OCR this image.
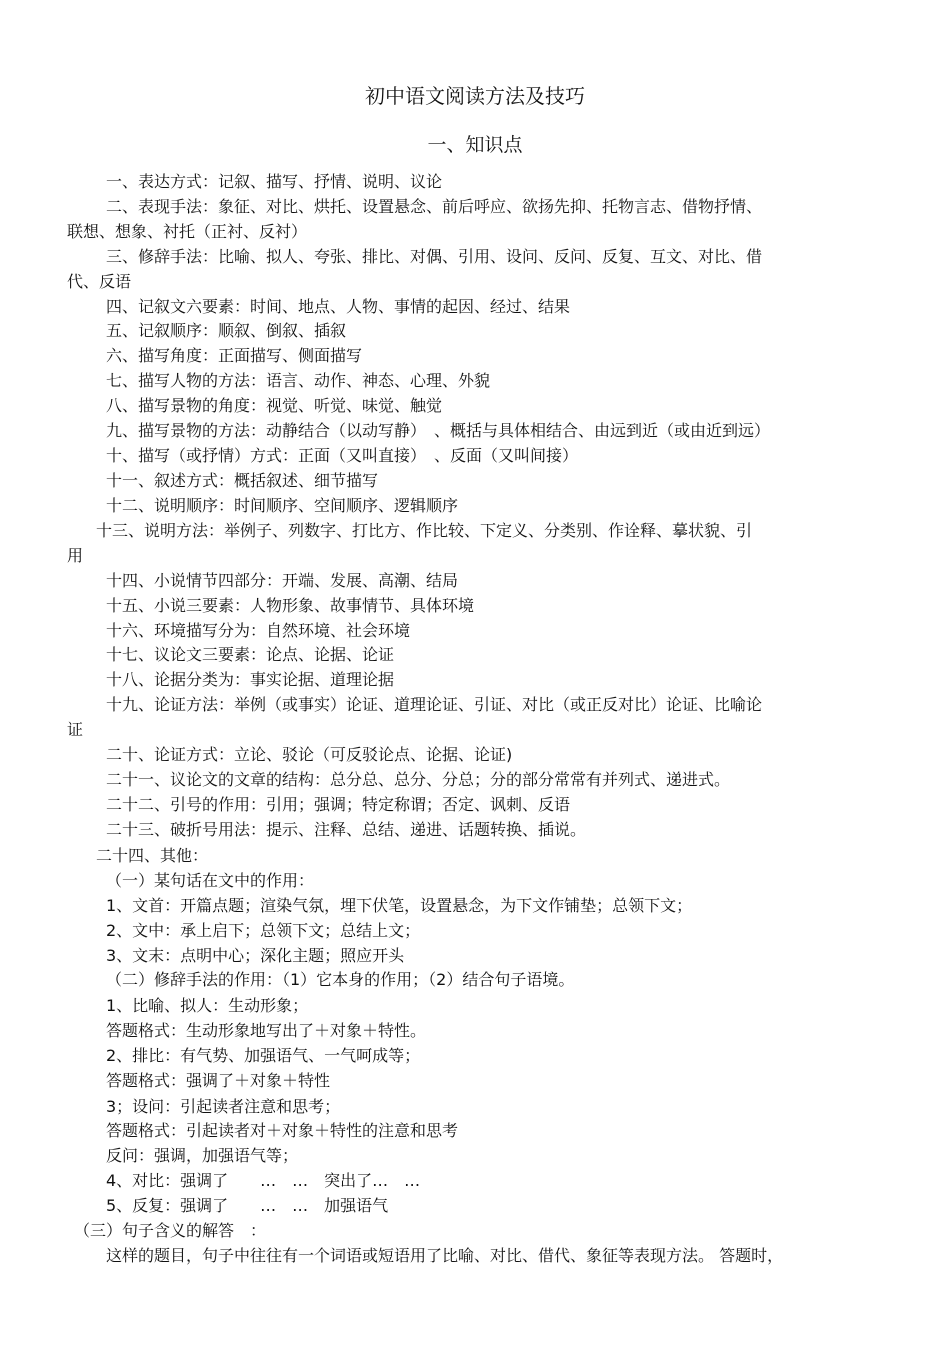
初中语文阅读方法及技巧
一、知识点
一、表达方式：记叙、描写、抒情、说明、议论
二、表现手法：象征、对比、烘托、设置悬念、前后呼应、欲扬先抑、托物言志、借物抒情、
联想、想象、衬托（正衬、反衬）
三、修辞手法：比喻、拟人、夸张、排比、对偶、引用、设问、反问、反复、互文、对比、借
代、反语
四、记叙文六要素：时间、地点、人物、事情的起因、经过、结果
五、记叙顺序：顺叙、倒叙、插叙
六、描写角度：正面描写、侧面描写
七、描写人物的方法：语言、动作、神态、心理、外貌
八、描写景物的角度：视觉、听觉、味觉、触觉
九、描写景物的方法：动静结合（以动写静）　、概括与具体相结合、由远到近（或由近到远）
十、描写（或抒情）方式：正面（又叫直接）　、反面（又叫间接）
十一、叙述方式：概括叙述、细节描写
十二、说明顺序：时间顺序、空间顺序、逻辑顺序
十三、说明方法：举例子、列数字、打比方、作比较、下定义、分类别、作诠释、摹状貌、引
用
十四、小说情节四部分：开端、发展、高潮、结局
十五、小说三要素：人物形象、故事情节、具体环境
十六、环境描写分为：自然环境、社会环境
十七、议论文三要素：论点、论据、论证
十八、论据分类为：事实论据、道理论据
十九、论证方法：举例（或事实）论证、道理论证、引证、对比（或正反对比）论证、比喻论
证
二十、论证方式：立论、驳论（可反驳论点、论据、论证)
二十一、议论文的文章的结构：总分总、总分、分总；分的部分常常有并列式、递进式。
二十二、引号的作用：引用；强调；特定称谓；否定、讽刺、反语
二十三、破折号用法：提示、注释、总结、递进、话题转换、插说。
二十四、其他：
（一）某句话在文中的作用：
1、文首：开篇点题；渲染气氛，埋下伏笔，设置悬念，为下文作铺垫；总领下文；
2、文中：承上启下；总领下文；总结上文；
3、文末：点明中心；深化主题；照应开头
（二）修辞手法的作用：（1）它本身的作用；（2）结合句子语境。
1、比喻、拟人：生动形象；
答题格式：生动形象地写出了＋对象＋特性。
2、排比：有气势、加强语气、一气呵成等；
答题格式：强调了＋对象＋特性
3；设问：引起读者注意和思考；
答题格式：引起读者对＋对象＋特性的注意和思考
反问：强调，加强语气等；
4、对比：强调了　　…　…　突出了…　…
5、反复：强调了　　…　…　加强语气
（三）句子含义的解答　：
这样的题目，句子中往往有一个词语或短语用了比喻、对比、借代、象征等表现方法。 答题时，
